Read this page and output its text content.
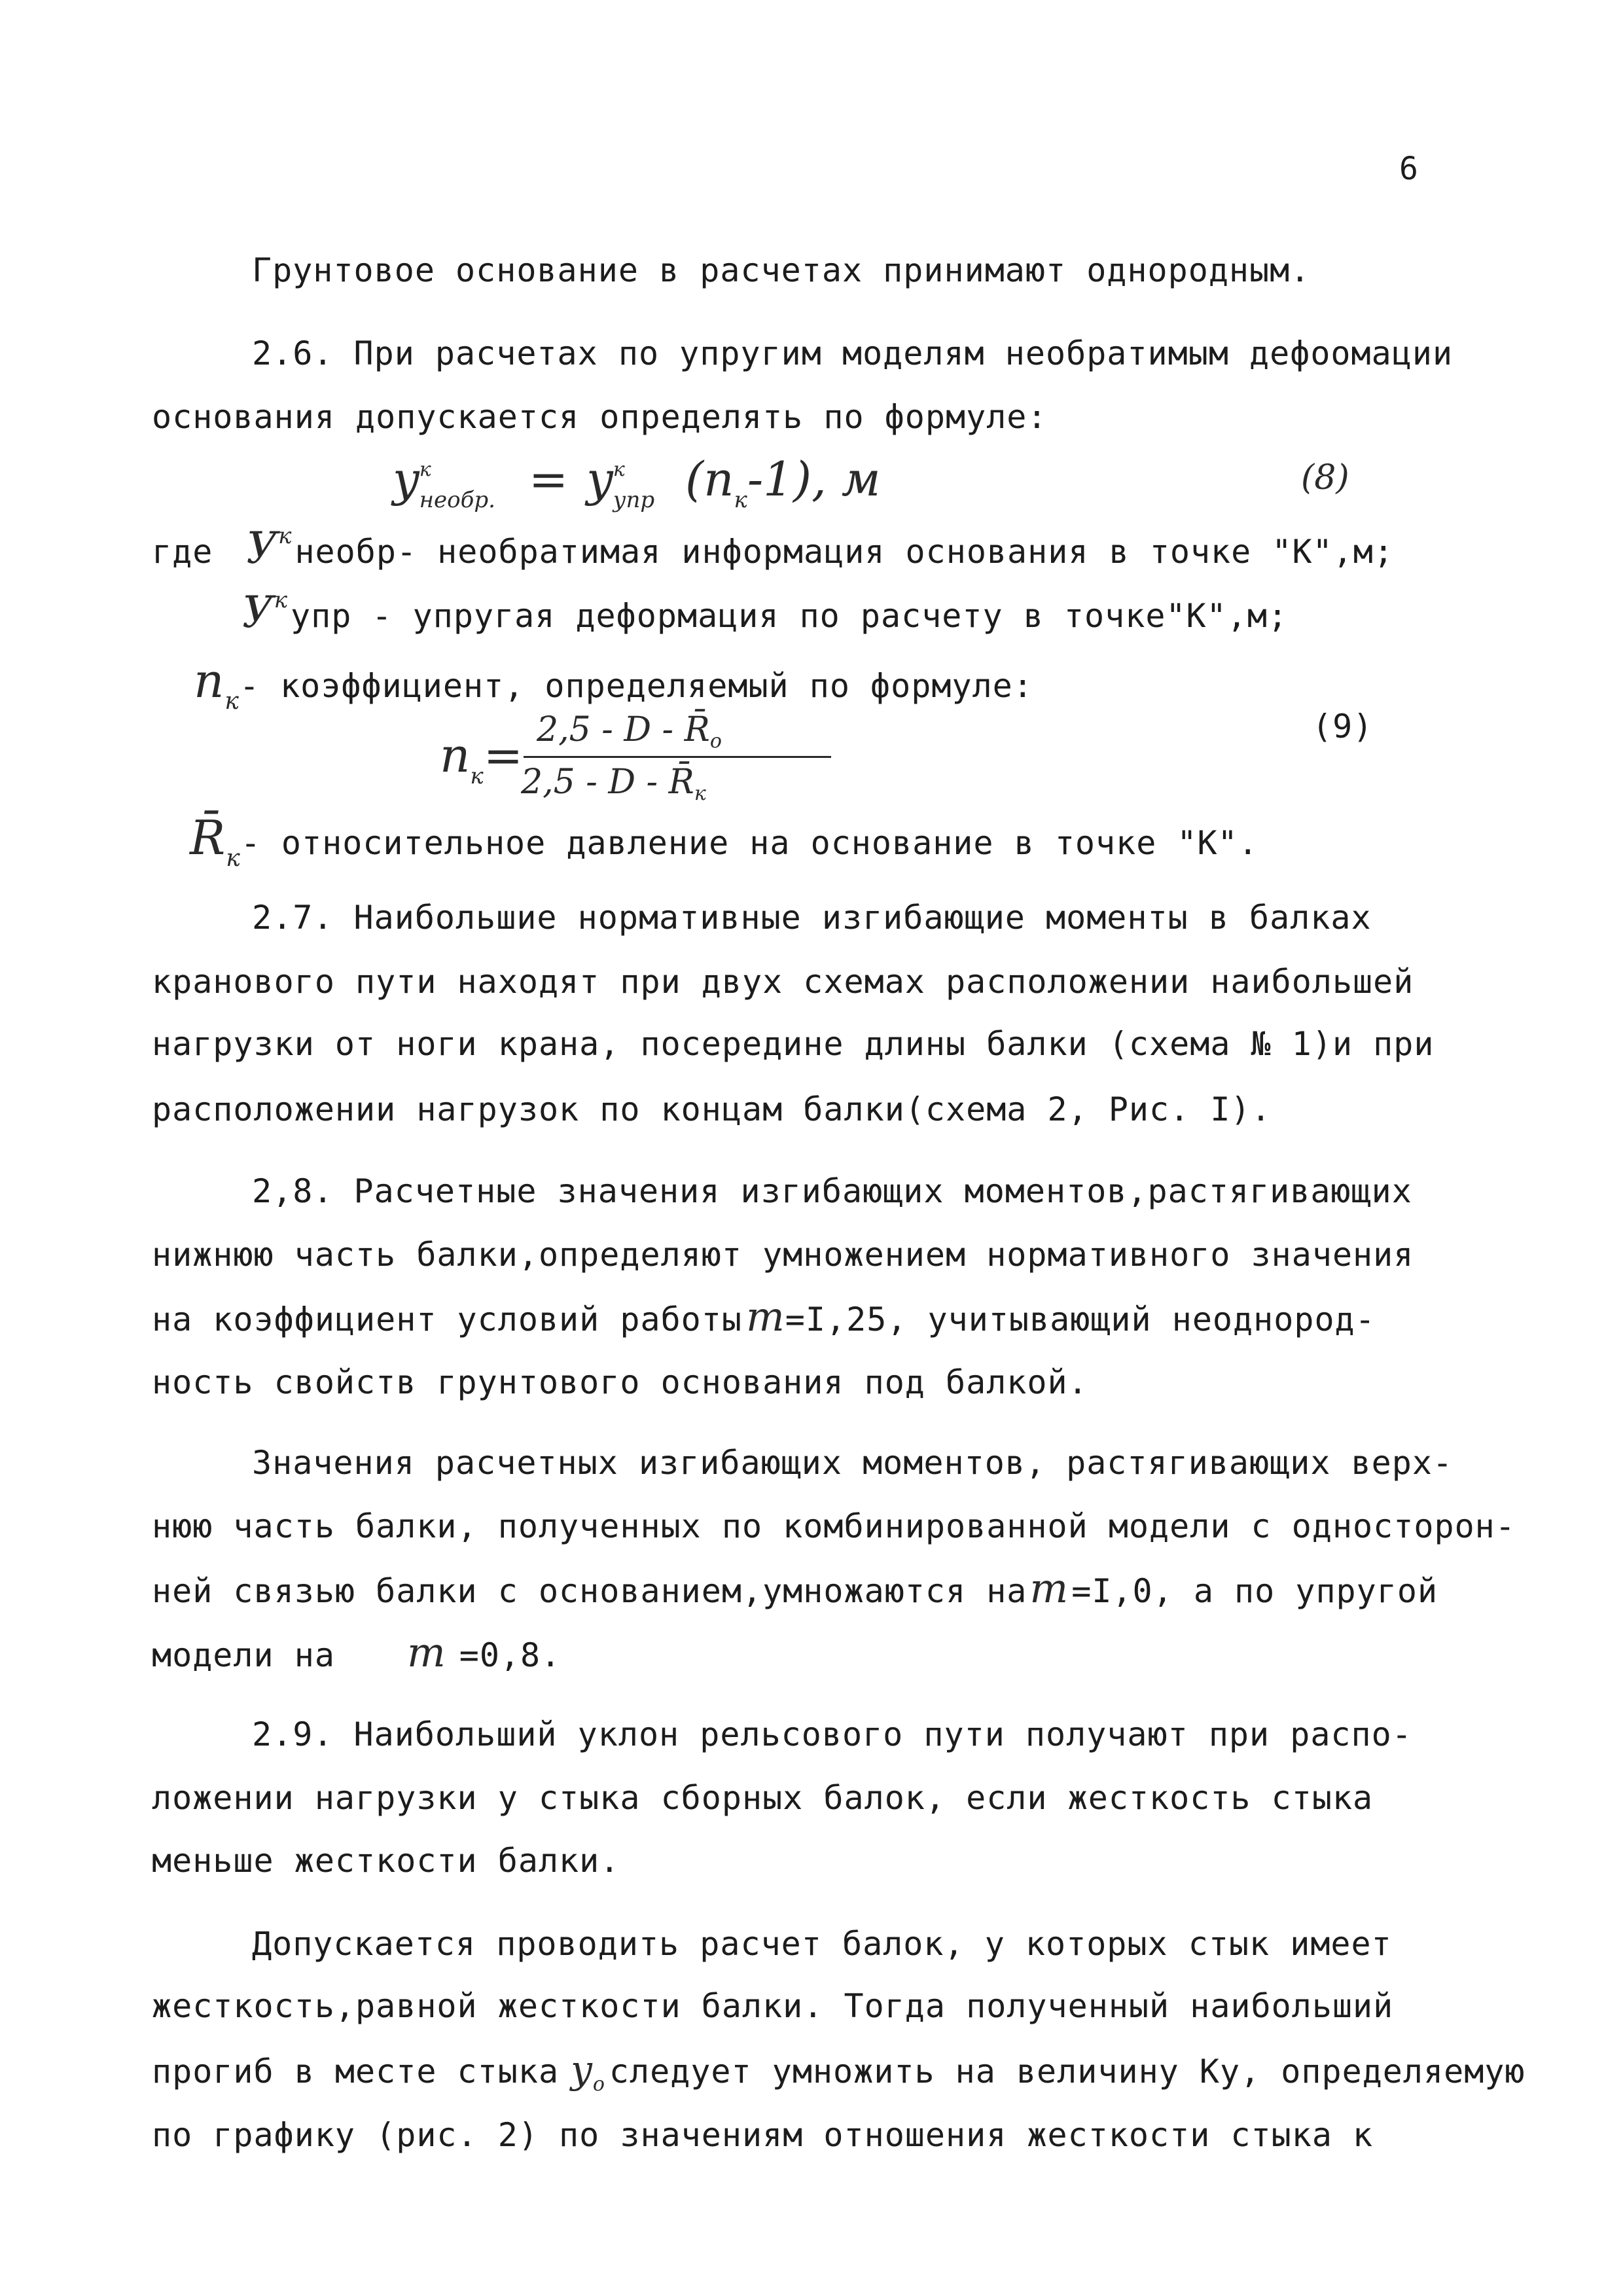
6
Грунтовое основание в расчетах принимают однородным.
2.6. При расчетах по упругим моделям необратимым дефоомации
основания допускается определять по формуле:
$y^к_{необр.} = y^к_{упр}$ $(n_к-1)$, м	(8)
где $У^кнеобр-$ необратимая информация основания в точке "К",м;
$У^купр$ - упругая деформация по расчету в точке"К",м;
$n_к-$ коэффициент, определяемый по формуле:
$n_к= 2,5 - D$ - R̄o
2,5 - D - R̄к
(9)
$R̄_к-$ относительное давление на основание в точке "К".
2.7. Наибольшие нормативные изгибающие моменты в балках
кранового пути находят при двух схемах расположении наибольшей
нагрузки от ноги крана, посередине длины балки (схема № 1)и при
расположении нагрузок по концам балки(схема 2, Рис. I).
2,8. Расчетные значения изгибающих моментов,растягивающих
нижнюю часть балки,определяют умножением нормативного значения
на коэффициент условий работыm=I,25, учитывающий неоднород-
ность свойств грунтового основания под балкой.
Значения расчетных изгибающих моментов, растягивающих верх-
нюю часть балки, полученных по комбинированной модели с односторон-
ней связью балки с основанием,умножаются наm=I,0, а по упругой
модели на m =0,8.
2.9. Наибольший уклон рельсового пути получают при распо-
ложении нагрузки у стыка сборных балок, если жесткость стыка
меньше жесткости балки.
Допускается проводить расчет балок, у которых стык имеет
жесткость,равной жесткости балки. Тогда полученный наибольший
прогиб в месте стыка $y_o$ следует умножить на величину Ку, определяемую
по графику (рис. 2) по значениям отношения жесткости стыка к
